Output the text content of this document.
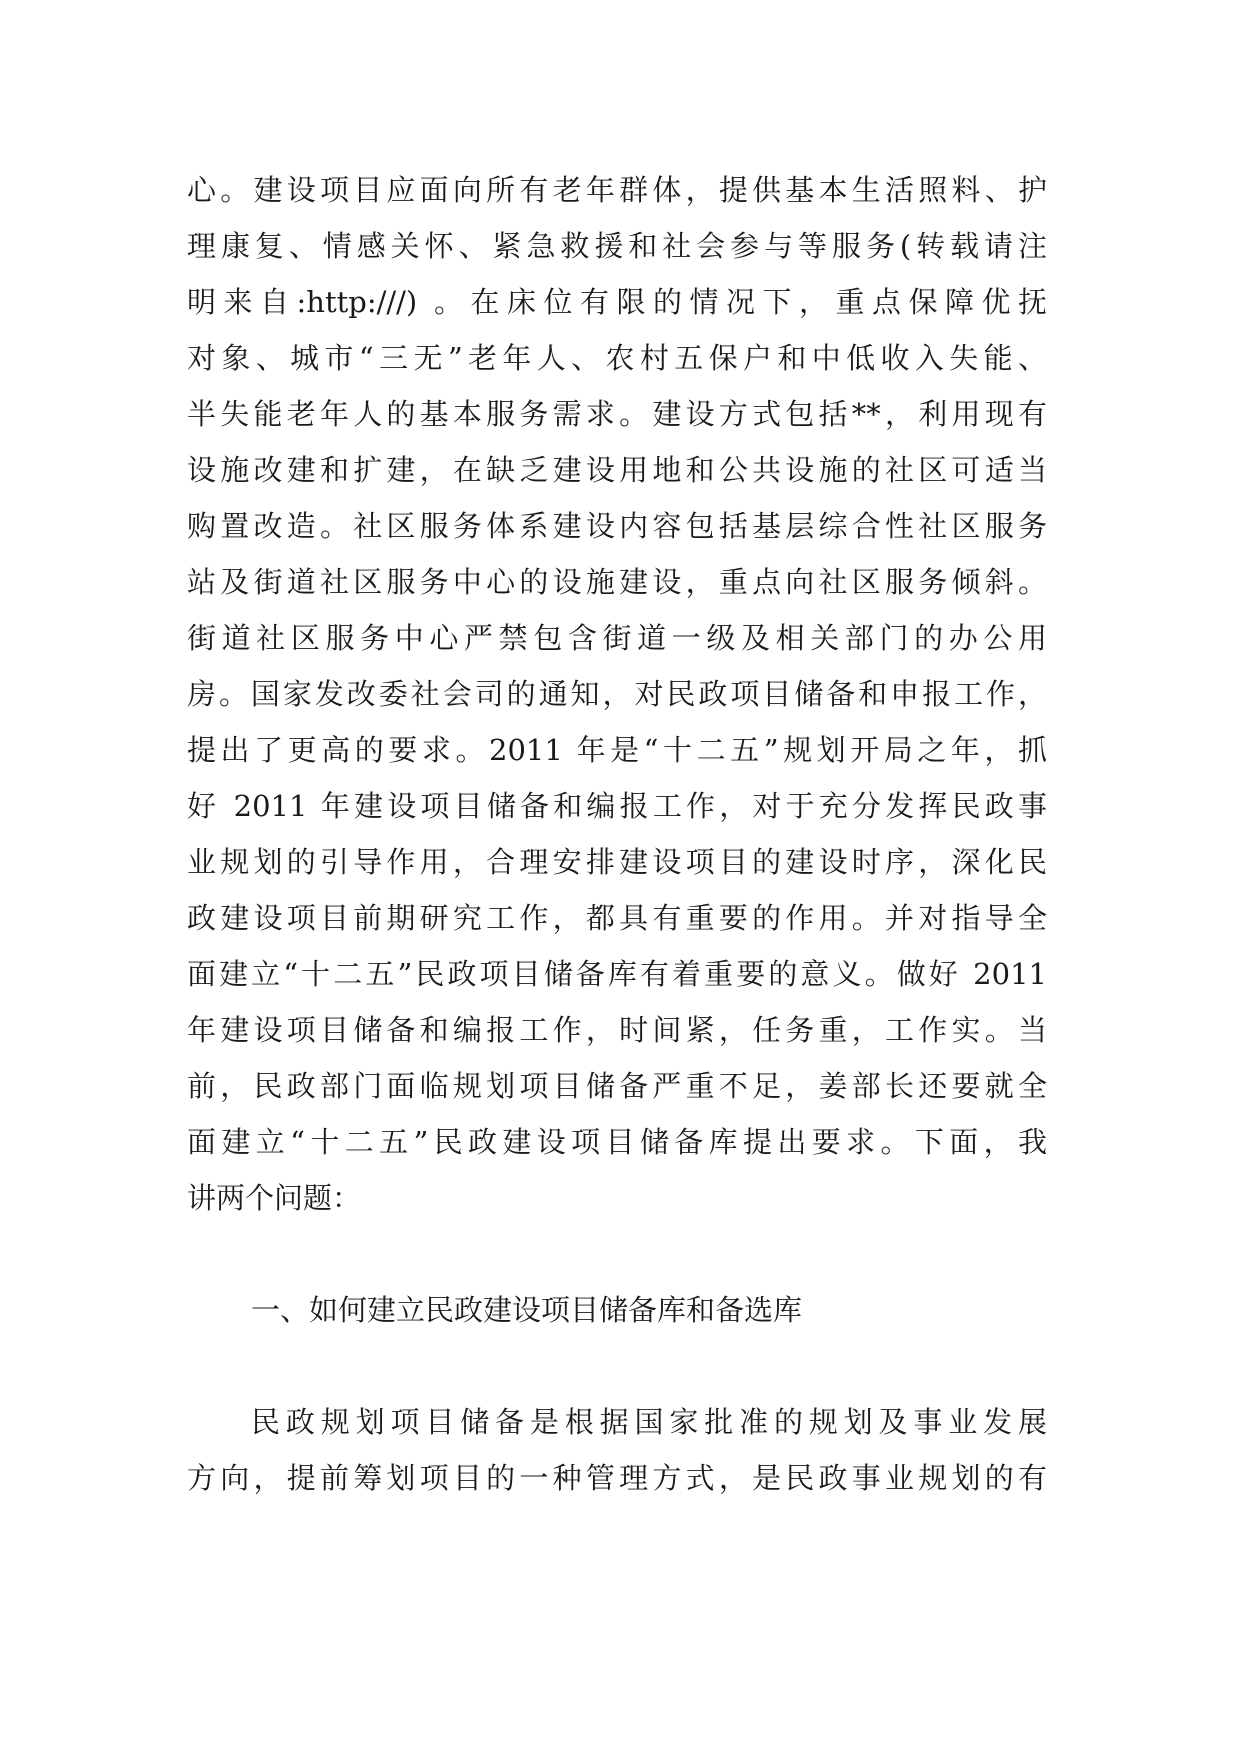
心。建设项目应面向所有老年群体，提供基本生活照料、护
理康复、情感关怀、紧急救援和社会参与等服务(转载请注
明来自:http:///) 。在床位有限的情况下，重点保障优抚
对象、城市“三无”老年人、农村五保户和中低收入失能、
半失能老年人的基本服务需求。建设方式包括**，利用现有
设施改建和扩建，在缺乏建设用地和公共设施的社区可适当
购置改造。社区服务体系建设内容包括基层综合性社区服务
站及街道社区服务中心的设施建设，重点向社区服务倾斜。
街道社区服务中心严禁包含街道一级及相关部门的办公用
房。国家发改委社会司的通知，对民政项目储备和申报工作，
提出了更高的要求。2011 年是“十二五”规划开局之年，抓
好 2011 年建设项目储备和编报工作，对于充分发挥民政事
业规划的引导作用，合理安排建设项目的建设时序，深化民
政建设项目前期研究工作，都具有重要的作用。并对指导全
面建立“十二五”民政项目储备库有着重要的意义。做好 2011
年建设项目储备和编报工作，时间紧，任务重，工作实。当
前，民政部门面临规划项目储备严重不足，姜部长还要就全
面建立“十二五”民政建设项目储备库提出要求。下面，我
讲两个问题：
一、如何建立民政建设项目储备库和备选库
民政规划项目储备是根据国家批准的规划及事业发展
方向，提前筹划项目的一种管理方式，是民政事业规划的有
